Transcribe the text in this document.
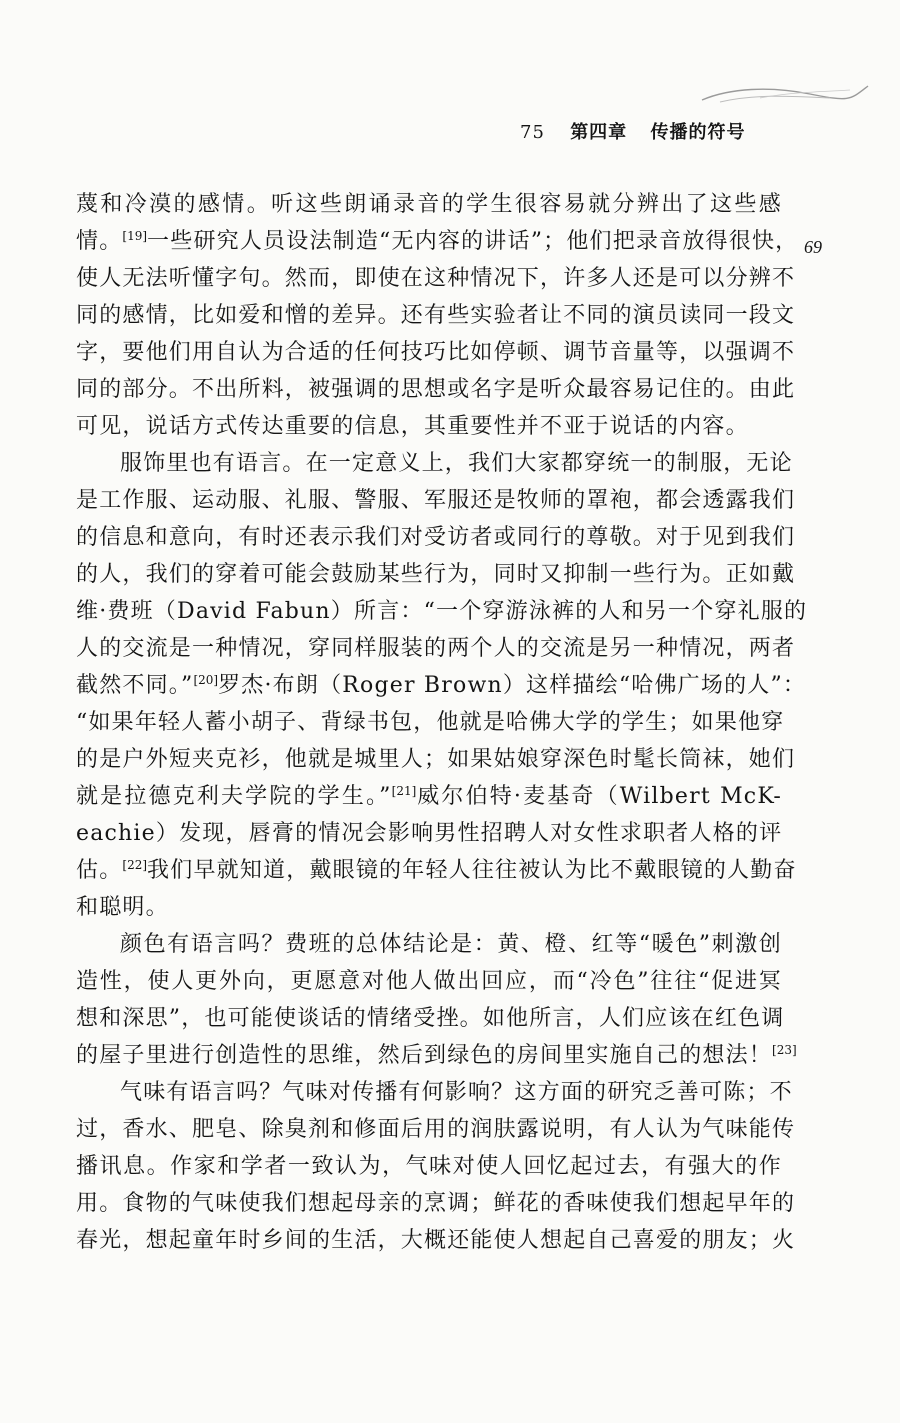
75 第四章 传播的符号
69
蔑和冷漠的感情。听这些朗诵录音的学生很容易就分辨出了这些感
情。[19]一些研究人员设法制造“无内容的讲话”；他们把录音放得很快，
使人无法听懂字句。然而，即使在这种情况下，许多人还是可以分辨不
同的感情，比如爱和憎的差异。还有些实验者让不同的演员读同一段文
字，要他们用自认为合适的任何技巧比如停顿、调节音量等，以强调不
同的部分。不出所料，被强调的思想或名字是听众最容易记住的。由此
可见，说话方式传达重要的信息，其重要性并不亚于说话的内容。
服饰里也有语言。在一定意义上，我们大家都穿统一的制服，无论
是工作服、运动服、礼服、警服、军服还是牧师的罩袍，都会透露我们
的信息和意向，有时还表示我们对受访者或同行的尊敬。对于见到我们
的人，我们的穿着可能会鼓励某些行为，同时又抑制一些行为。正如戴
维·费班（David Fabun）所言：“一个穿游泳裤的人和另一个穿礼服的
人的交流是一种情况，穿同样服装的两个人的交流是另一种情况，两者
截然不同。”[20]罗杰·布朗（Roger Brown）这样描绘“哈佛广场的人”：
“如果年轻人蓄小胡子、背绿书包，他就是哈佛大学的学生；如果他穿
的是户外短夹克衫，他就是城里人；如果姑娘穿深色时髦长筒袜，她们
就是拉德克利夫学院的学生。”[21]威尔伯特·麦基奇（Wilbert McK-
eachie）发现，唇膏的情况会影响男性招聘人对女性求职者人格的评
估。[22]我们早就知道，戴眼镜的年轻人往往被认为比不戴眼镜的人勤奋
和聪明。
颜色有语言吗？费班的总体结论是：黄、橙、红等“暖色”刺激创
造性，使人更外向，更愿意对他人做出回应，而“冷色”往往“促进冥
想和深思”，也可能使谈话的情绪受挫。如他所言，人们应该在红色调
的屋子里进行创造性的思维，然后到绿色的房间里实施自己的想法！[23]
气味有语言吗？气味对传播有何影响？这方面的研究乏善可陈；不
过，香水、肥皂、除臭剂和修面后用的润肤露说明，有人认为气味能传
播讯息。作家和学者一致认为，气味对使人回忆起过去，有强大的作
用。食物的气味使我们想起母亲的烹调；鲜花的香味使我们想起早年的
春光，想起童年时乡间的生活，大概还能使人想起自己喜爱的朋友；火
